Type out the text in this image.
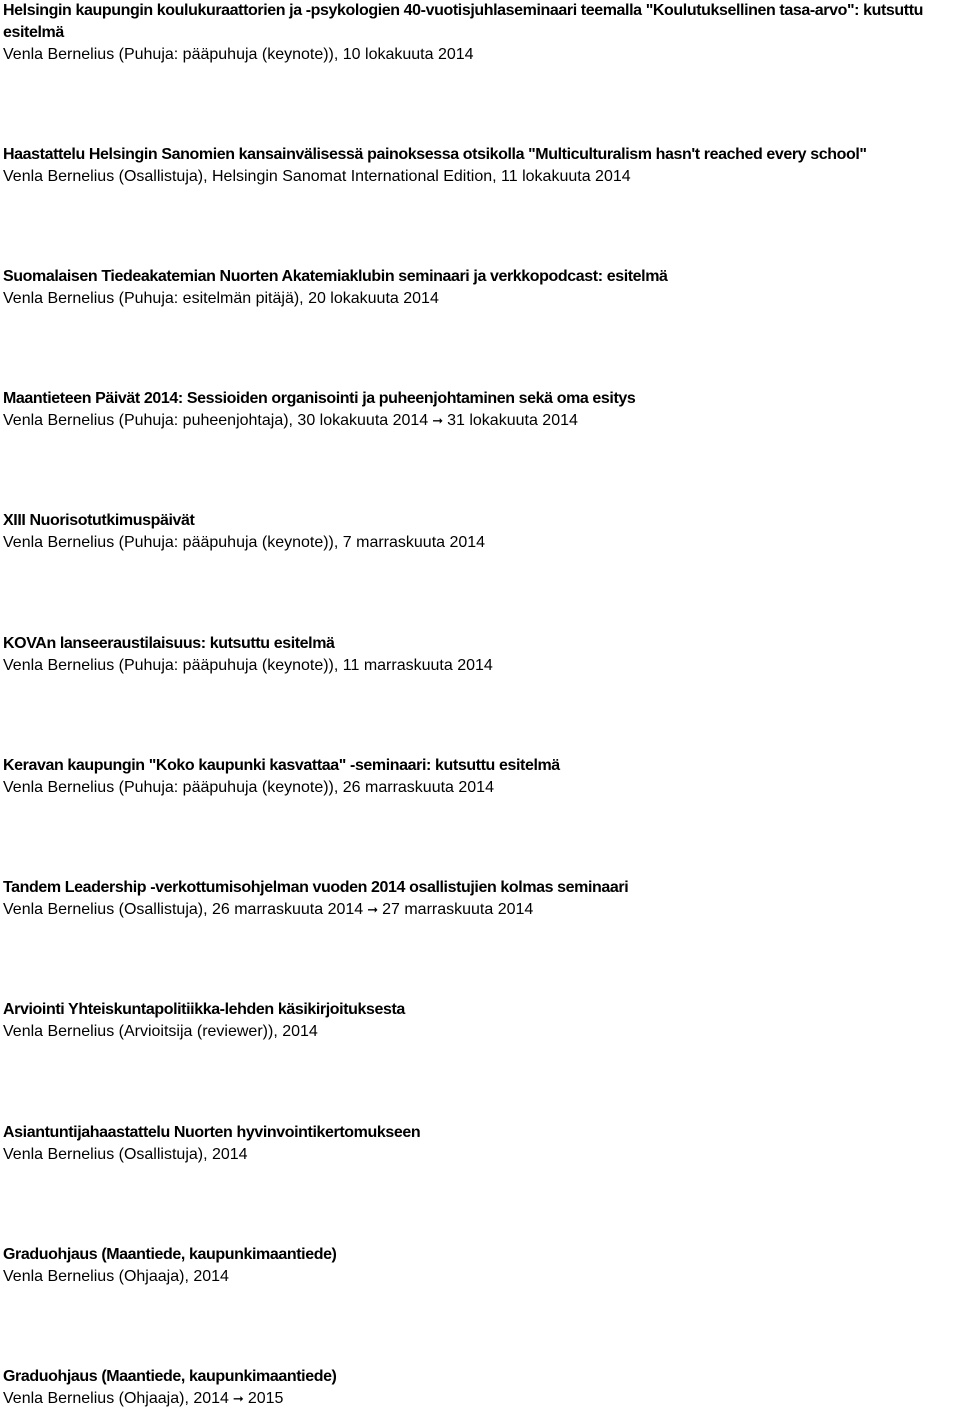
Helsingin kaupungin koulukuraattorien ja -psykologien 40-vuotisjuhlaseminaari teemalla "Koulutuksellinen tasa-arvo": kutsuttu esitelmä

Venla Bernelius (Puhuja: pääpuhuja (keynote)), 10 lokakuuta 2014

Haastattelu Helsingin Sanomien kansainvälisessä painoksessa otsikolla "Multiculturalism hasn't reached every school"

Venla Bernelius (Osallistuja), Helsingin Sanomat International Edition, 11 lokakuuta 2014

Suomalaisen Tiedeakatemian Nuorten Akatemiaklubin seminaari ja verkkopodcast: esitelmä

Venla Bernelius (Puhuja: esitelmän pitäjä), 20 lokakuuta 2014

Maantieteen Päivät 2014: Sessioiden organisointi ja puheenjohtaminen sekä oma esitys

Venla Bernelius (Puhuja: puheenjohtaja), 30 lokakuuta 2014 ➞ 31 lokakuuta 2014

XIII Nuorisotutkimuspäivät

Venla Bernelius (Puhuja: pääpuhuja (keynote)), 7 marraskuuta 2014

KOVAn lanseeraustilaisuus: kutsuttu esitelmä

Venla Bernelius (Puhuja: pääpuhuja (keynote)), 11 marraskuuta 2014

Keravan kaupungin "Koko kaupunki kasvattaa" -seminaari: kutsuttu esitelmä

Venla Bernelius (Puhuja: pääpuhuja (keynote)), 26 marraskuuta 2014

Tandem Leadership -verkottumisohjelman vuoden 2014 osallistujien kolmas seminaari

Venla Bernelius (Osallistuja), 26 marraskuuta 2014 ➞ 27 marraskuuta 2014

Arviointi Yhteiskuntapolitiikka-lehden käsikirjoituksesta

Venla Bernelius (Arvioitsija (reviewer)), 2014

Asiantuntijahaastattelu Nuorten hyvinvointikertomukseen

Venla Bernelius (Osallistuja), 2014

Graduohjaus (Maantiede, kaupunkimaantiede)

Venla Bernelius (Ohjaaja), 2014

Graduohjaus (Maantiede, kaupunkimaantiede)

Venla Bernelius (Ohjaaja), 2014 ➞ 2015
